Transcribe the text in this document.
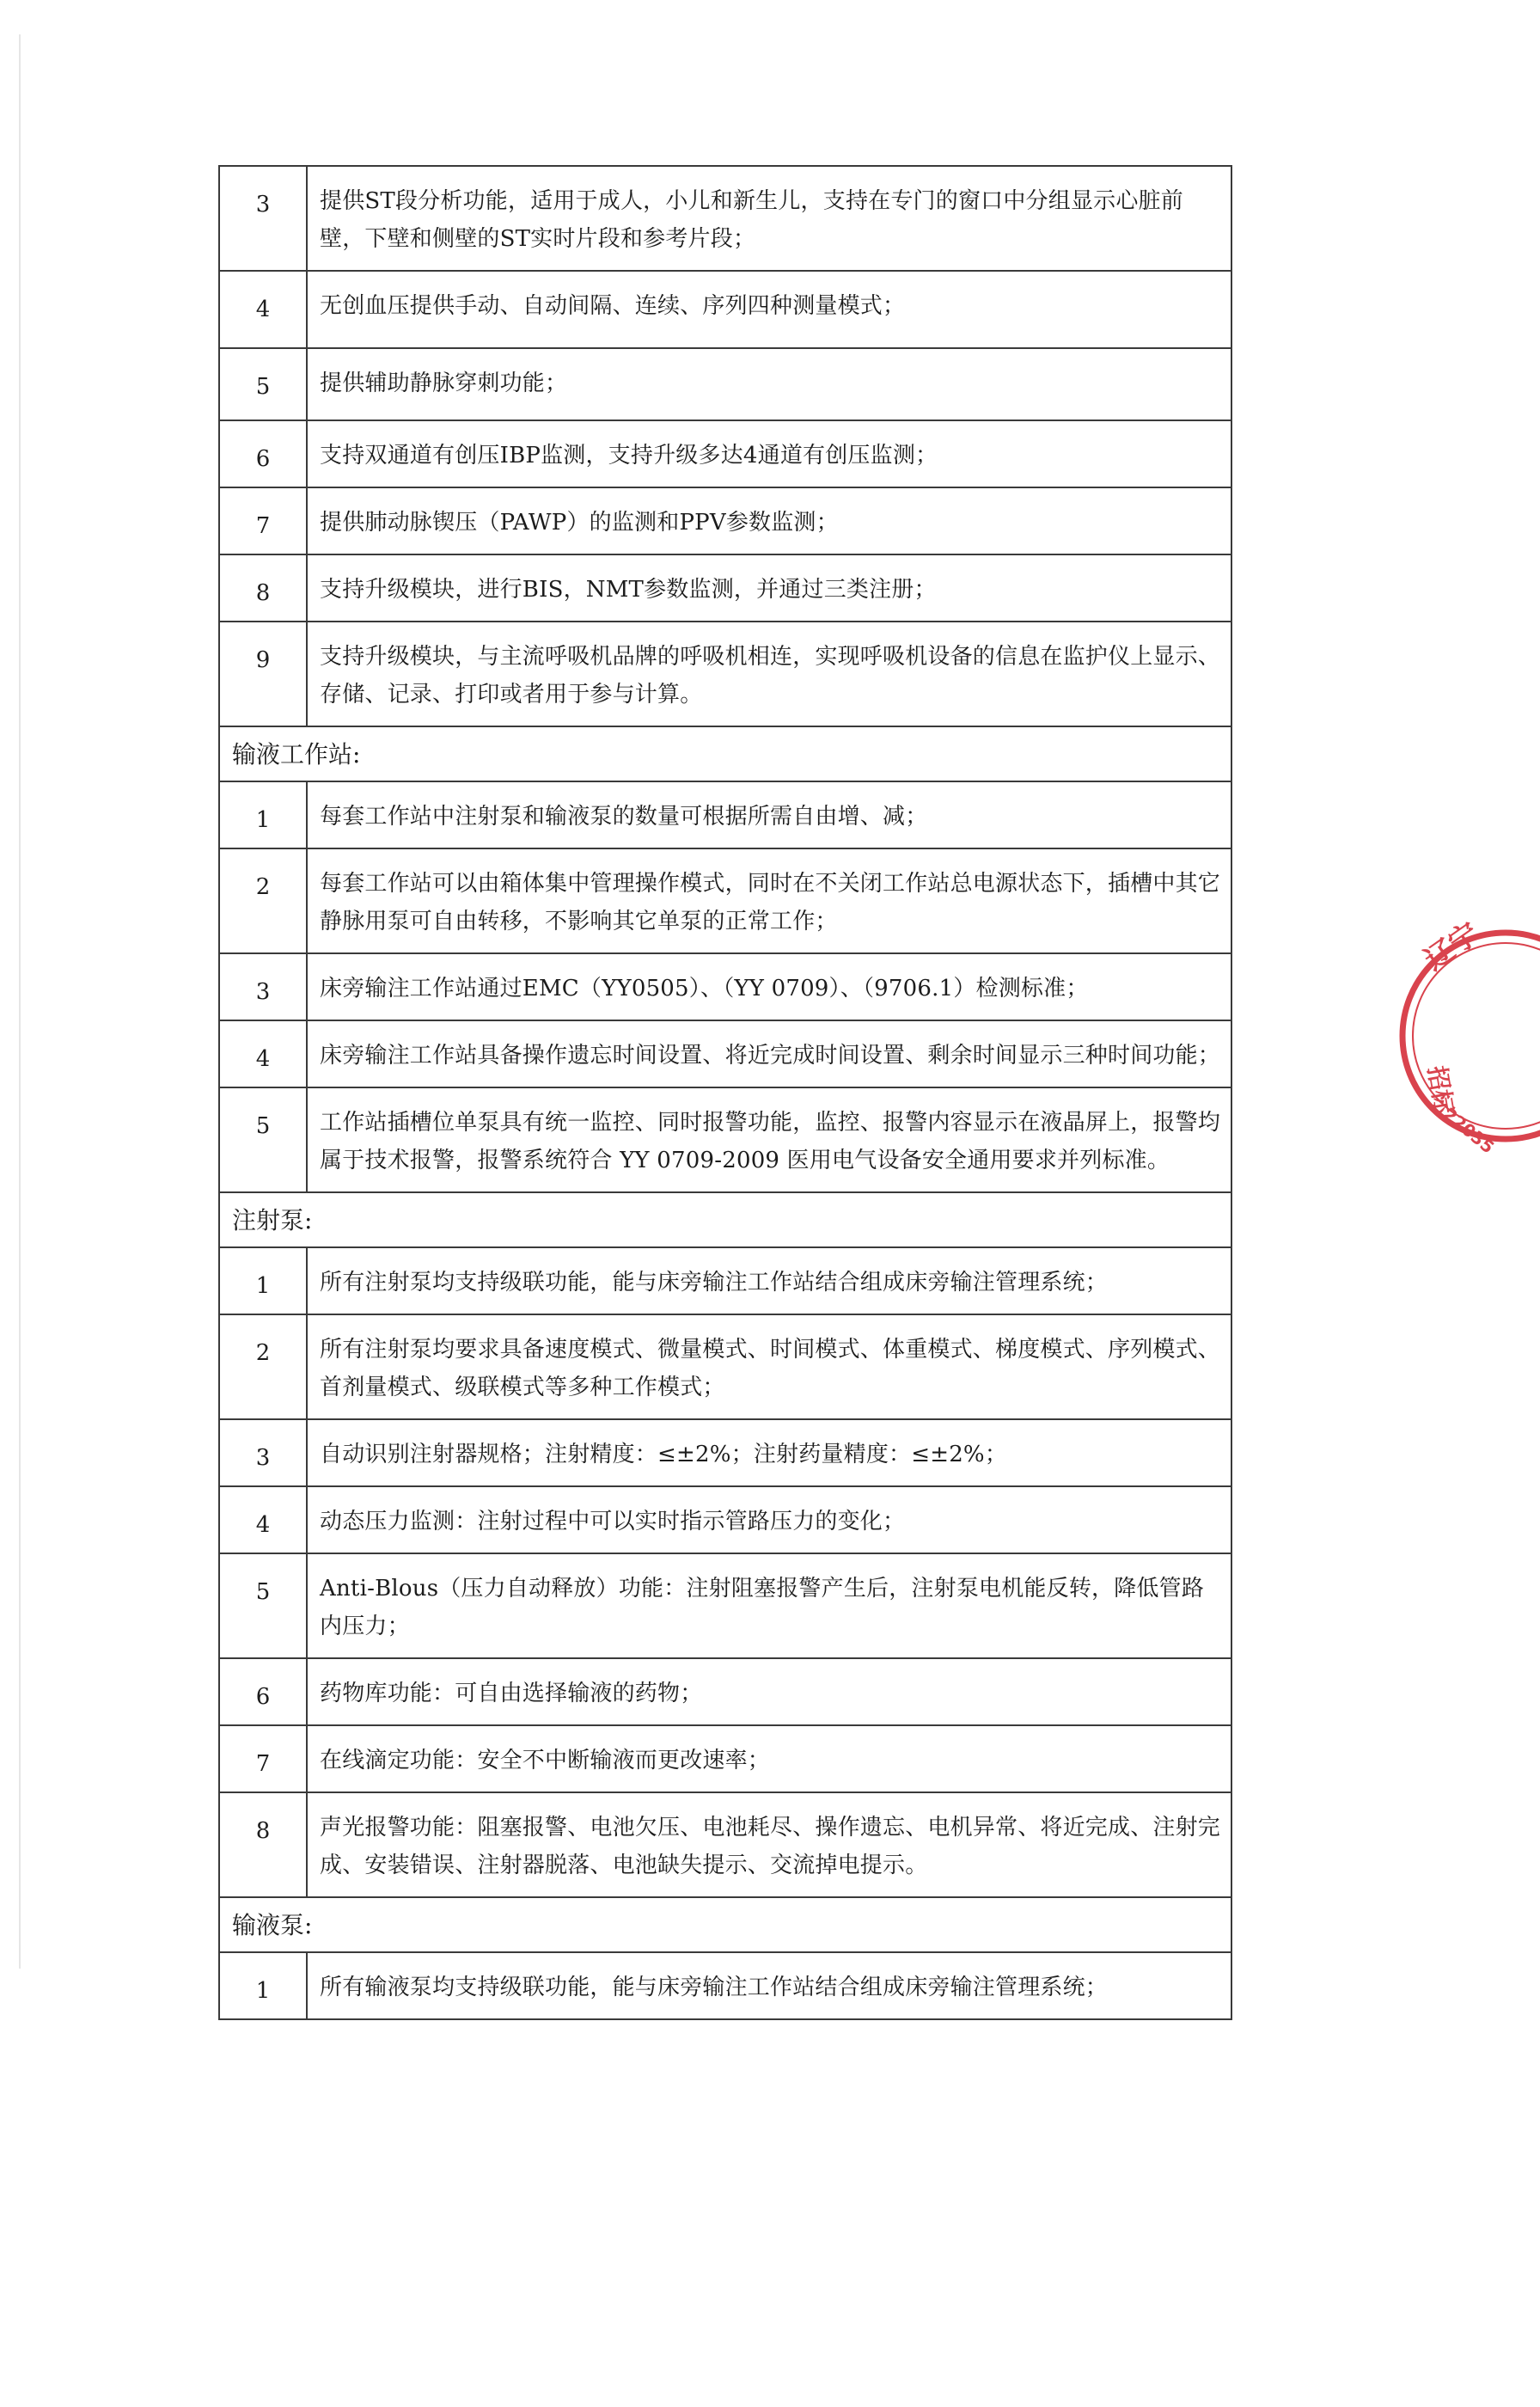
3	提供ST段分析功能，适用于成人，小儿和新生儿，支持在专门的窗口中分组显示心脏前壁，下壁和侧壁的ST实时片段和参考片段；
4	无创血压提供手动、自动间隔、连续、序列四种测量模式；
5	提供辅助静脉穿刺功能；
6	支持双通道有创压IBP监测，支持升级多达4通道有创压监测；
7	提供肺动脉锲压（PAWP）的监测和PPV参数监测；
8	支持升级模块，进行BIS，NMT参数监测，并通过三类注册；
9	支持升级模块，与主流呼吸机品牌的呼吸机相连，实现呼吸机设备的信息在监护仪上显示、存储、记录、打印或者用于参与计算。
输液工作站:	
1	每套工作站中注射泵和输液泵的数量可根据所需自由增、减；
2	每套工作站可以由箱体集中管理操作模式，同时在不关闭工作站总电源状态下，插槽中其它静脉用泵可自由转移，不影响其它单泵的正常工作；
3	床旁输注工作站通过EMC（YY0505）、（YY 0709）、（9706.1）检测标准；
4	床旁输注工作站具备操作遗忘时间设置、将近完成时间设置、剩余时间显示三种时间功能；
5	工作站插槽位单泵具有统一监控、同时报警功能，监控、报警内容显示在液晶屏上，报警均属于技术报警，报警系统符合 YY 0709-2009 医用电气设备安全通用要求并列标准。
注射泵:	
1	所有注射泵均支持级联功能，能与床旁输注工作站结合组成床旁输注管理系统；
2	所有注射泵均要求具备速度模式、微量模式、时间模式、体重模式、梯度模式、序列模式、首剂量模式、级联模式等多种工作模式；
3	自动识别注射器规格；注射精度：≤±2%；注射药量精度：≤±2%；
4	动态压力监测：注射过程中可以实时指示管路压力的变化；
5	Anti-Blous（压力自动释放）功能：注射阻塞报警产生后，注射泵电机能反转，降低管路内压力；
6	药物库功能：可自由选择输液的药物；
7	在线滴定功能：安全不中断输液而更改速率；
8	声光报警功能：阻塞报警、电池欠压、电池耗尽、操作遗忘、电机异常、将近完成、注射完成、安装错误、注射器脱落、电池缺失提示、交流掉电提示。
输液泵:	
1	所有输液泵均支持级联功能，能与床旁输注工作站结合组成床旁输注管理系统；
辽宁
招标
22035
